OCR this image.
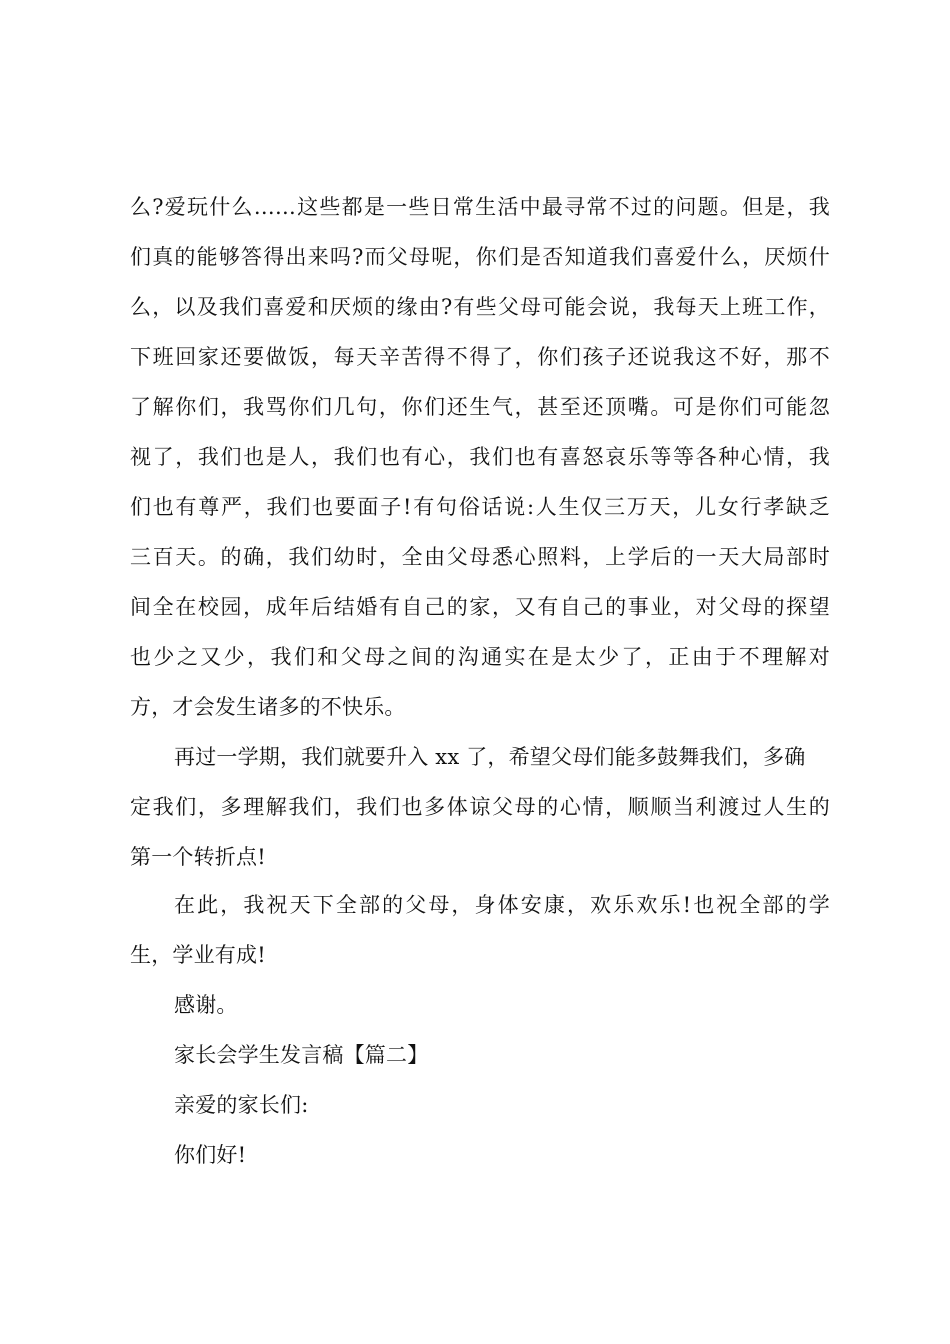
么?爱玩什么……这些都是一些日常生活中最寻常不过的问题。但是，我
们真的能够答得出来吗?而父母呢，你们是否知道我们喜爱什么，厌烦什
么，以及我们喜爱和厌烦的缘由?有些父母可能会说，我每天上班工作，
下班回家还要做饭，每天辛苦得不得了，你们孩子还说我这不好，那不
了解你们，我骂你们几句，你们还生气，甚至还顶嘴。可是你们可能忽
视了，我们也是人，我们也有心，我们也有喜怒哀乐等等各种心情，我
们也有尊严，我们也要面子!有句俗话说:人生仅三万天，儿女行孝缺乏
三百天。的确，我们幼时，全由父母悉心照料，上学后的一天大局部时
间全在校园，成年后结婚有自己的家，又有自己的事业，对父母的探望
也少之又少，我们和父母之间的沟通实在是太少了，正由于不理解对
方，才会发生诸多的不快乐。
再过一学期，我们就要升入 xx 了，希望父母们能多鼓舞我们，多确
定我们，多理解我们，我们也多体谅父母的心情，顺顺当利渡过人生的
第一个转折点!
在此，我祝天下全部的父母，身体安康，欢乐欢乐!也祝全部的学
生，学业有成!
感谢。
家长会学生发言稿【篇二】
亲爱的家长们:
你们好!
